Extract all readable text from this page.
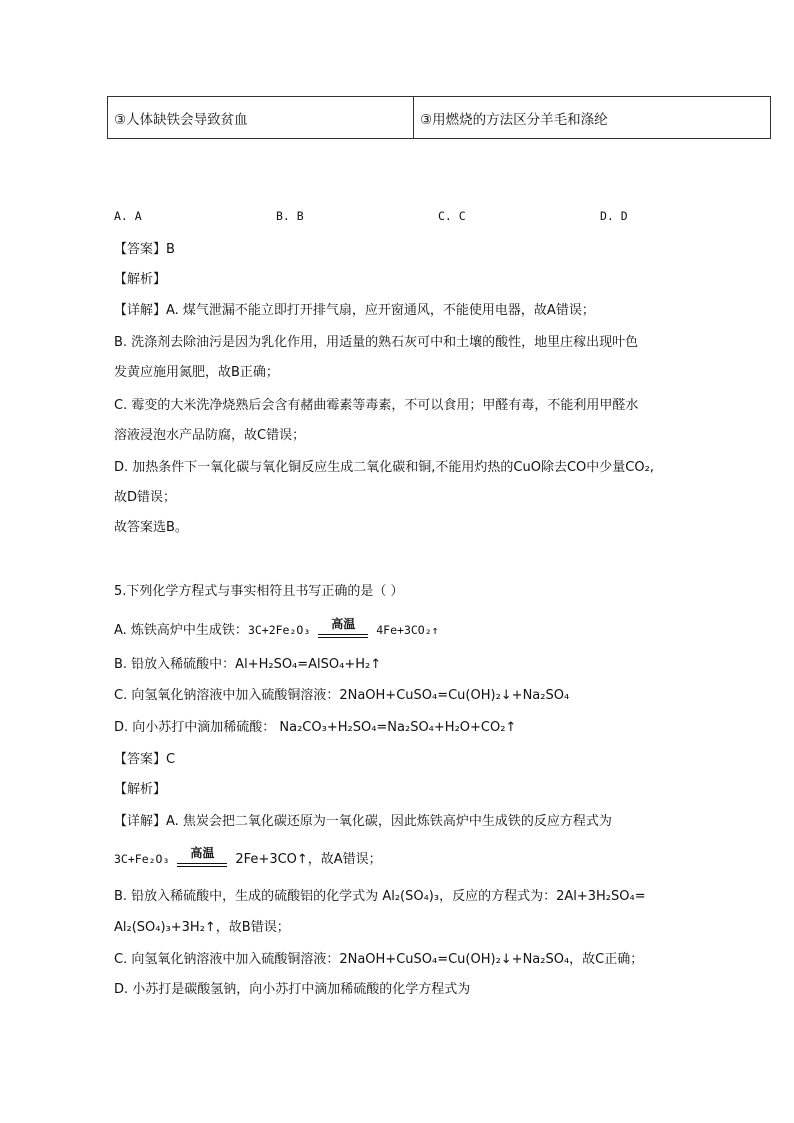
③人体缺铁会导致贫血	③用燃烧的方法区分羊毛和涤纶
A. A	B. B	C. C	D. D
【答案】B
【解析】
【详解】A. 煤气泄漏不能立即打开排气扇，应开窗通风，不能使用电器，故A错误；
B. 洗涤剂去除油污是因为乳化作用，用适量的熟石灰可中和土壤的酸性，地里庄稼出现叶色
发黄应施用氮肥，故B正确；
C. 霉变的大米洗净烧熟后会含有赭曲霉素等毒素，不可以食用；甲醛有毒，不能利用甲醛水
溶液浸泡水产品防腐，故C错误；
D. 加热条件下一氧化碳与氧化铜反应生成二氧化碳和铜,不能用灼热的CuO除去CO中少量CO₂,
故D错误；
故答案选B。
5.下列化学方程式与事实相符且书写正确的是（ ）
A. 炼铁高炉中生成铁：3C+2Fe₂O₃	高温	4Fe+3CO₂↑
B. 铅放入稀硫酸中：Al+H₂SO₄=AlSO₄+H₂↑
C. 向氢氧化钠溶液中加入硫酸铜溶液：2NaOH+CuSO₄=Cu(OH)₂↓+Na₂SO₄
D. 向小苏打中滴加稀硫酸： Na₂CO₃+H₂SO₄=Na₂SO₄+H₂O+CO₂↑
【答案】C
【解析】
【详解】A. 焦炭会把二氧化碳还原为一氧化碳，因此炼铁高炉中生成铁的反应方程式为
3C+Fe₂O₃	高温	2Fe+3CO↑，故A错误；
B. 铅放入稀硫酸中，生成的硫酸铝的化学式为 Al₂(SO₄)₃，反应的方程式为：2Al+3H₂SO₄=
Al₂(SO₄)₃+3H₂↑，故B错误；
C. 向氢氧化钠溶液中加入硫酸铜溶液：2NaOH+CuSO₄=Cu(OH)₂↓+Na₂SO₄，故C正确；
D. 小苏打是碳酸氢钠，向小苏打中滴加稀硫酸的化学方程式为
